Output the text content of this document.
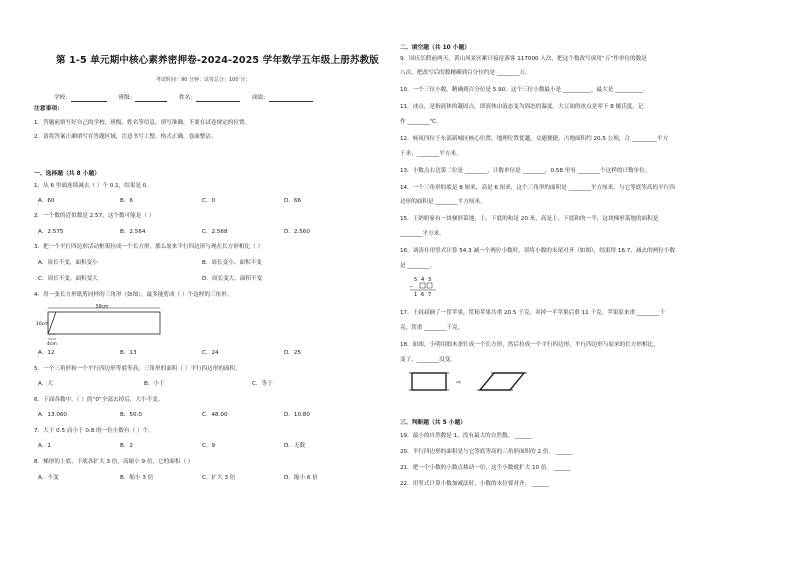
第 1-5 单元期中核心素养密押卷-2024-2025 学年数学五年级上册苏教版
考试时间：90 分钟；试卷总分：100 分；
学校：	班级：	姓名：	成绩：
注意事项：
1．答题前填写好自己的学校、班级、姓名等信息，填写准确，不要在试卷规定的位置。
2．请将答案正确填写在答题区域，注意书写工整，格式正确，卷面整洁。
一、选择题（共 8 小题）
1．从 6 里面连续减去（ ）个 0.1，结果是 0。
A．60	B．6	C．0	D．66
2．一个数的近似数是 2.57，这个数可能是（ ）
A．2.575	B．2.564	C．2.568	D．2.560
3．把一个平行四边形活动框架拉成一个长方形，那么原来平行四边形与现在长方形相比（ ）
A．周长不变、面积变小	B．周长变小、面积不变
C．周长不变、面积变大	D．周长变大、面积不变
4．用一张长方形纸剪同样的三角形（如图），最多能剪成（ ）个这样的三角形。
50cm
10cm
4cm
A．12	B．13	C．24	D．25
5．一个三角形和一个平行四边形等底等高，三角形的面积（ ）平行四边形的面积。
A．大	B．小于	C．等于
6．下面各数中，（ ）的“0”全部去掉后，大小不变。
A．13.060	B．50.0	C．48.00	D．10.80
7．大于 0.5 而小于 0.8 的一位小数有（ ）个。
A．1	B．2	C．9	D．无数
8．梯形的上底、下底各扩大 3 倍，高缩小 9 倍，它的面积（ ）
A．不变	B．缩小 3 倍	C．扩大 3 倍	D．缩小 6 倍
二、填空题（共 10 小题）
9．国庆长假前两天，黄山风景区累计接待游客 117000 人次，把这个数改写成用“万”作单位的数是
八次，把改写后的数精确到百分位约是 ________万。
10．一个三位小数，精确到百分位是 5.90，这个三位小数最小是 __________，最大是 __________。
11．冰点，是指液体的凝固点，即液体由液态变为固态的温度。大豆油的冰点是零下 8 摄氏度，记
作 ________℃。
12．杨凤四位于东部新城区核心位置，地理位置优越，交通便捷，占地面积约 20.5 公顷，合 _________平方
千米，________平方米。
13．小数点右边第二位是 ________，计数单位是 ________，0.58 里有 ________个这样的计数单位。
14．一个三角形的底是 8 厘米，高是 6 厘米，这个三角形的面积是 ________平方厘米，与它等底等高的平行四
边形的面积是 ________平方厘米。
15．王奶奶家有一块梯形菜地，上、下底的和是 20 米，高是上、下底和的一半，这块梯形菜地的面积是
________平方米。
16．刘涛在用竖式计算 54.3 减一个两位小数时，误将小数的末尾对齐（如图），结果得 16.7，减去的两位小数
是 ________。
5 4 3
−
1 6 7
17．王叔叔摘了一筐苹果，筐和苹果共重 20.5 千克，卖掉一半苹果后重 11 千克。苹果原来重 ________千
克，筐重 ________千克。
18．如图，小明用细木条钉成一个长方形，然后拉成一个平行四边形，平行四边形与原来的长方形相比，
变了，________没变。
⇨
三、判断题（共 5 小题）
19．最小的自然数是 1，没有最大的自然数。 ______
20．平行四边形的面积是与它等底等高的三角形面积的 2 倍。 ______
21．把一个小数的小数点移动一位，这个小数就扩大 10 倍。 ______
22．用竖式计算小数加减法时，小数的末位要对齐。 ______
